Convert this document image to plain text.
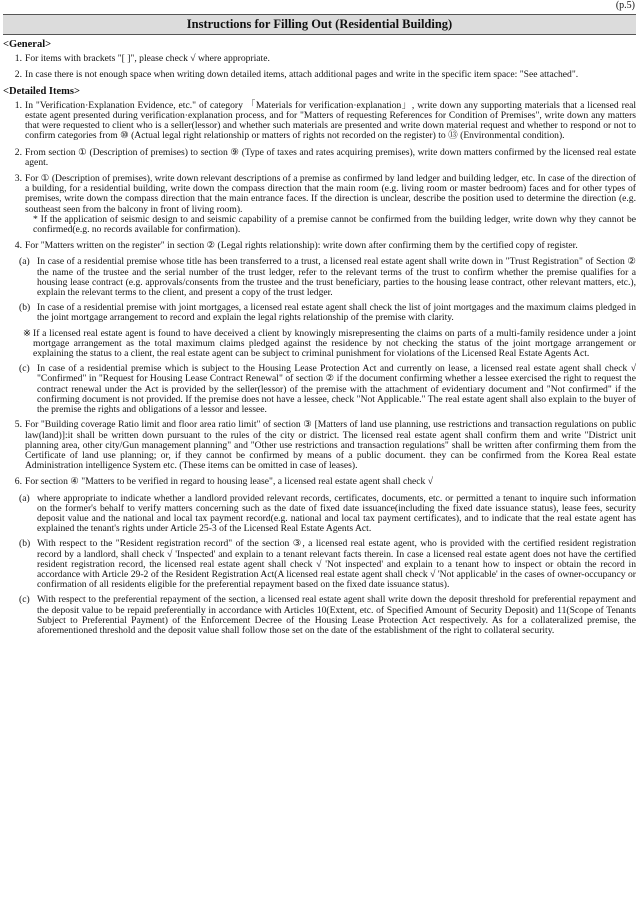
(p.5)
Instructions for Filling Out (Residential Building)
<General>
1. For items with brackets "[ ]", please check √ where appropriate.
2. In case there is not enough space when writing down detailed items, attach additional pages and write in the specific item space: "See attached".
<Detailed Items>
1. In "Verification·Explanation Evidence, etc." of category 「Materials for verification·explanation」, write down any supporting materials that a licensed real estate agent presented during verification·explanation process, and for "Matters of requesting References for Condition of Premises", write down any matters that were requested to client who is a seller(lessor) and whether such materials are presented and write down material request and whether to respond or not to confirm categories from ⑩ (Actual legal right relationship or matters of rights not recorded on the register) to ⑬ (Environmental condition).
2. From section ① (Description of premises) to section ⑨ (Type of taxes and rates acquiring premises), write down matters confirmed by the licensed real estate agent.
3. For ① (Description of premises), write down relevant descriptions of a premise as confirmed by land ledger and building ledger, etc. In case of the direction of a building, for a residential building, write down the compass direction that the main room (e.g. living room or master bedroom) faces and for other types of premises, write down the compass direction that the main entrance faces. If the direction is unclear, describe the position used to determine the direction (e.g. southeast seen from the balcony in front of living room).
* If the application of seismic design to and seismic capability of a premise cannot be confirmed from the building ledger, write down why they cannot be confirmed(e.g. no records available for confirmation).
4. For "Matters written on the register" in section ② (Legal rights relationship): write down after confirming them by the certified copy of register.
(a) In case of a residential premise whose title has been transferred to a trust, a licensed real estate agent shall write down in "Trust Registration" of Section ② the name of the trustee and the serial number of the trust ledger, refer to the relevant terms of the trust to confirm whether the premise qualifies for a housing lease contract (e.g. approvals/consents from the trustee and the trust beneficiary, parties to the housing lease contract, other relevant matters, etc.), explain the relevant terms to the client, and present a copy of the trust ledger.
(b) In case of a residential premise with joint mortgages, a licensed real estate agent shall check the list of joint mortgages and the maximum claims pledged in the joint mortgage arrangement to record and explain the legal rights relationship of the premise with clarity.
※ If a licensed real estate agent is found to have deceived a client by knowingly misrepresenting the claims on parts of a multi-family residence under a joint mortgage arrangement as the total maximum claims pledged against the residence by not checking the status of the joint mortgage arrangement or explaining the status to a client, the real estate agent can be subject to criminal punishment for violations of the Licensed Real Estate Agents Act.
(c) In case of a residential premise which is subject to the Housing Lease Protection Act and currently on lease, a licensed real estate agent shall check √ "Confirmed" in "Request for Housing Lease Contract Renewal" of section ② if the document confirming whether a lessee exercised the right to request the contract renewal under the Act is provided by the seller(lessor) of the premise with the attachment of evidentiary document and "Not confirmed" if the confirming document is not provided. If the premise does not have a lessee, check "Not Applicable." The real estate agent shall also explain to the buyer of the premise the rights and obligations of a lessor and lessee.
5. For "Building coverage Ratio limit and floor area ratio limit" of section ③ [Matters of land use planning, use restrictions and transaction regulations on public law(land)]:it shall be written down pursuant to the rules of the city or district. The licensed real estate agent shall confirm them and write "District unit planning area, other city/Gun management planning" and "Other use restrictions and transaction regulations" shall be written after confirming them from the Certificate of land use planning; or, if they cannot be confirmed by means of a public document. they can be confirmed from the Korea Real estate Administration intelligence System etc. (These items can be omitted in case of leases).
6. For section ④ "Matters to be verified in regard to housing lease", a licensed real estate agent shall check √
(a) where appropriate to indicate whether a landlord provided relevant records, certificates, documents, etc. or permitted a tenant to inquire such information on the former's behalf to verify matters concerning such as the date of fixed date issuance(including the fixed date issuance status), lease fees, security deposit value and the national and local tax payment record(e.g. national and local tax payment certificates), and to indicate that the real estate agent has explained the tenant's rights under Article 25-3 of the Licensed Real Estate Agents Act.
(b) With respect to the "Resident registration record" of the section ③, a licensed real estate agent, who is provided with the certified resident registration record by a landlord, shall check √ 'Inspected' and explain to a tenant relevant facts therein. In case a licensed real estate agent does not have the certified resident registration record, the licensed real estate agent shall check √ 'Not inspected' and explain to a tenant how to inspect or obtain the record in accordance with Article 29-2 of the Resident Registration Act(A licensed real estate agent shall check √ 'Not applicable' in the cases of owner-occupancy or confirmation of all residents eligible for the preferential repayment based on the fixed date issuance status).
(c) With respect to the preferential repayment of the section, a licensed real estate agent shall write down the deposit threshold for preferential repayment and the deposit value to be repaid preferentially in accordance with Articles 10(Extent, etc. of Specified Amount of Security Deposit) and 11(Scope of Tenants Subject to Preferential Payment) of the Enforcement Decree of the Housing Lease Protection Act respectively. As for a collateralized premise, the aforementioned threshold and the deposit value shall follow those set on the date of the establishment of the right to collateral security.
